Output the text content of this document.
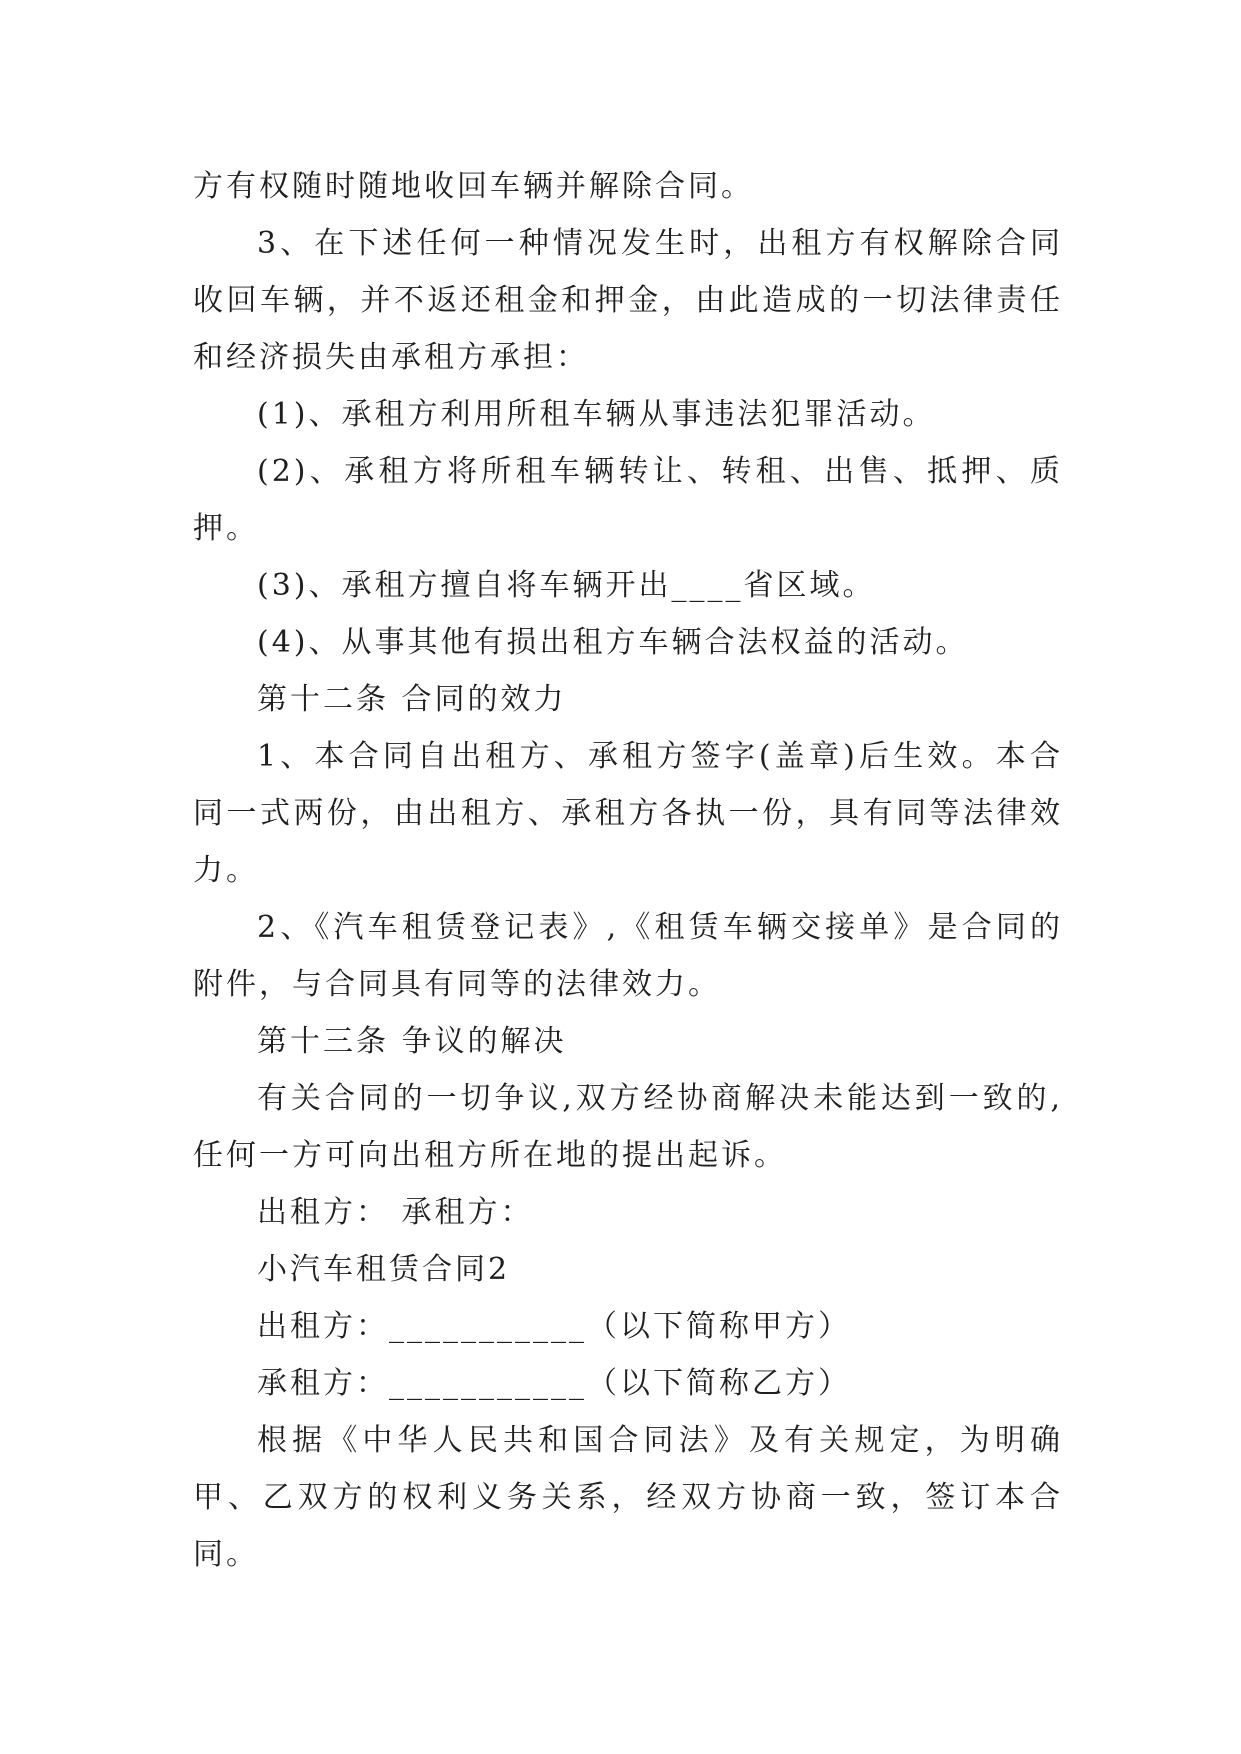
方有权随时随地收回车辆并解除合同。

3、在下述任何一种情况发生时，出租方有权解除合同收回车辆，并不返还租金和押金，由此造成的一切法律责任和经济损失由承租方承担：

(1)、承租方利用所租车辆从事违法犯罪活动。

(2)、承租方将所租车辆转让、转租、出售、抵押、质押。

(3)、承租方擅自将车辆开出____省区域。

(4)、从事其他有损出租方车辆合法权益的活动。

第十二条 合同的效力

1、本合同自出租方、承租方签字(盖章)后生效。本合同一式两份，由出租方、承租方各执一份，具有同等法律效力。

2、《汽车租赁登记表》,《租赁车辆交接单》是合同的附件，与合同具有同等的法律效力。

第十三条 争议的解决

有关合同的一切争议,双方经协商解决未能达到一致的,任何一方可向出租方所在地的提出起诉。

出租方： 承租方：

小汽车租赁合同2

出租方：___________（以下简称甲方）

承租方：___________（以下简称乙方）

根据《中华人民共和国合同法》及有关规定，为明确甲、乙双方的权利义务关系，经双方协商一致，签订本合同。
